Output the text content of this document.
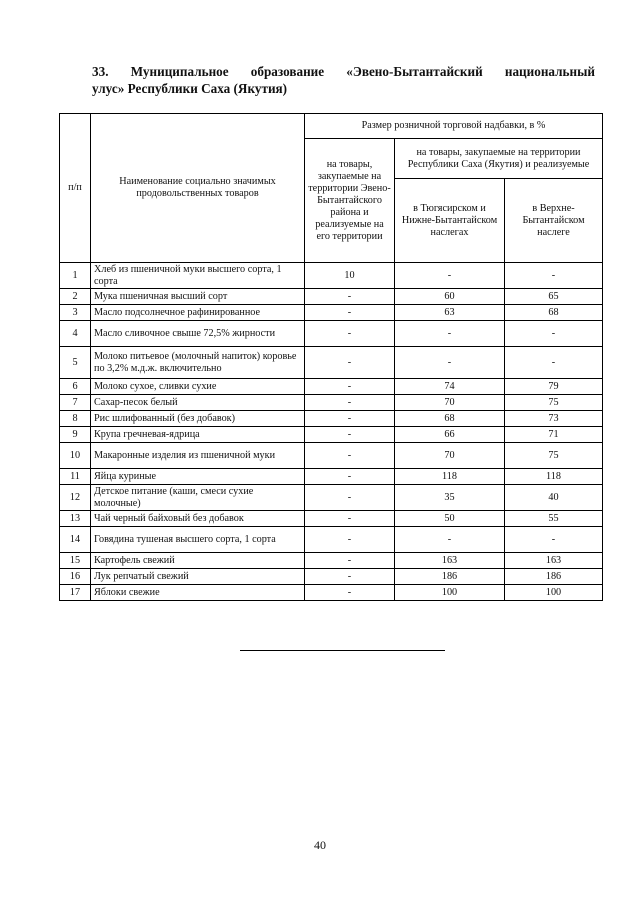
33. Муниципальное образование «Эвено-Бытантайский национальный
улус» Республики Саха (Якутия)
п/п	Наименование социально значимых продовольственных товаров	Размер розничной торговой надбавки, в %		
		на товары, закупаемые на территории Эвено-Бытантайского района и реализуемые на его территории	на товары, закупаемые на территории Республики Саха (Якутия) и реализуемые	
			в Тюгясирском и Нижне-Бытантайском наслегах	в Верхне-Бытантайском наслеге
1	Хлеб из пшеничной муки высшего сорта, 1 сорта	10	-	-
2	Мука пшеничная высший сорт	-	60	65
3	Масло подсолнечное рафинированное	-	63	68
4	Масло сливочное свыше 72,5% жирности	-	-	-
5	Молоко питьевое (молочный напиток) коровье по 3,2% м.д.ж. включительно	-	-	-
6	Молоко сухое, сливки сухие	-	74	79
7	Сахар-песок белый	-	70	75
8	Рис шлифованный (без добавок)	-	68	73
9	Крупа гречневая-ядрица	-	66	71
10	Макаронные изделия из пшеничной муки	-	70	75
11	Яйца куриные	-	118	118
12	Детское питание (каши, смеси сухие молочные)	-	35	40
13	Чай черный байховый без добавок	-	50	55
14	Говядина тушеная высшего сорта, 1 сорта	-	-	-
15	Картофель свежий	-	163	163
16	Лук репчатый свежий	-	186	186
17	Яблоки свежие	-	100	100
40
